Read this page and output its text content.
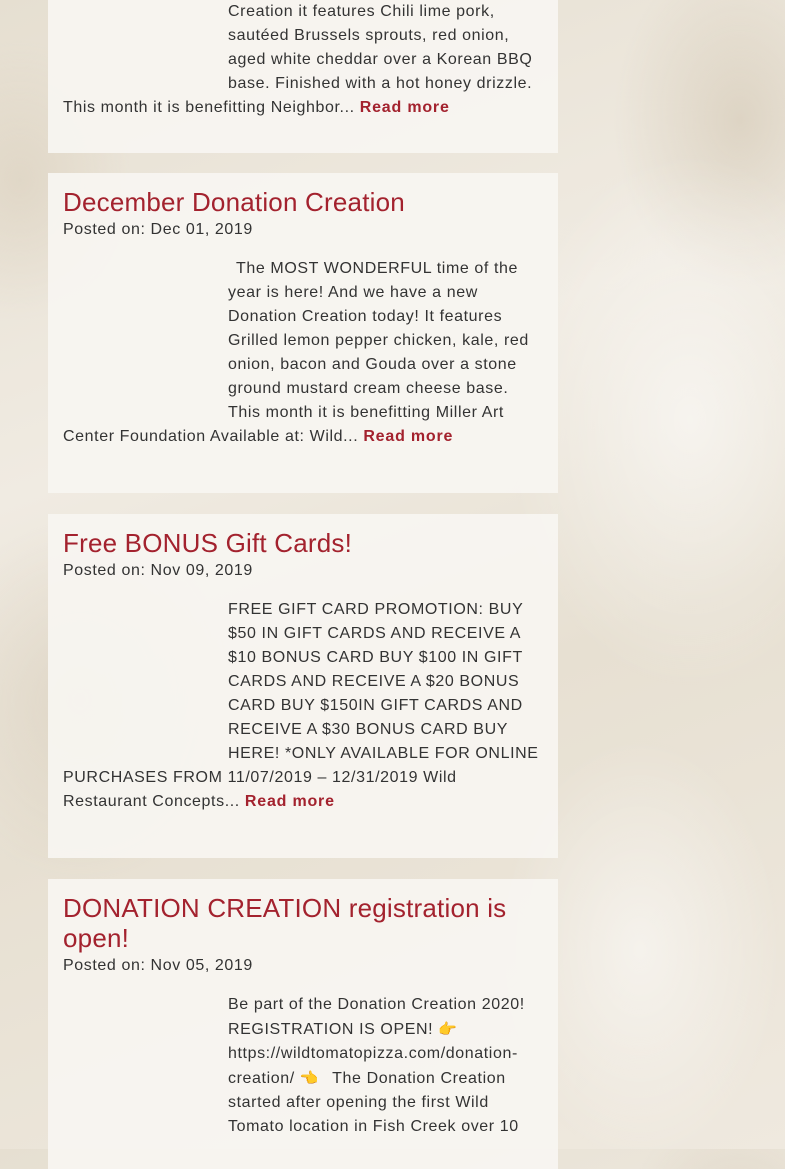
Creation it features Chili lime pork, sautéed Brussels sprouts, red onion, aged white cheddar over a Korean BBQ base. Finished with a hot honey drizzle. This month it is benefitting Neighbor... Read more
December Donation Creation
Posted on: Dec 01, 2019
The MOST WONDERFUL time of the year is here! And we have a new Donation Creation today! It features Grilled lemon pepper chicken, kale, red onion, bacon and Gouda over a stone ground mustard cream cheese base. This month it is benefitting Miller Art Center Foundation Available at: Wild... Read more
Free BONUS Gift Cards!
Posted on: Nov 09, 2019
FREE GIFT CARD PROMOTION: BUY $50 IN GIFT CARDS AND RECEIVE A $10 BONUS CARD BUY $100 IN GIFT CARDS AND RECEIVE A $20 BONUS CARD BUY $150IN GIFT CARDS AND RECEIVE A $30 BONUS CARD BUY HERE! *ONLY AVAILABLE FOR ONLINE PURCHASES FROM 11/07/2019 – 12/31/2019 Wild Restaurant Concepts... Read more
DONATION CREATION registration is open!
Posted on: Nov 05, 2019
Be part of the Donation Creation 2020! REGISTRATION IS OPEN! 👉 https://wildtomatopizza.com/donation-creation/ 👈 The Donation Creation started after opening the first Wild Tomato location in Fish Creek over 10
